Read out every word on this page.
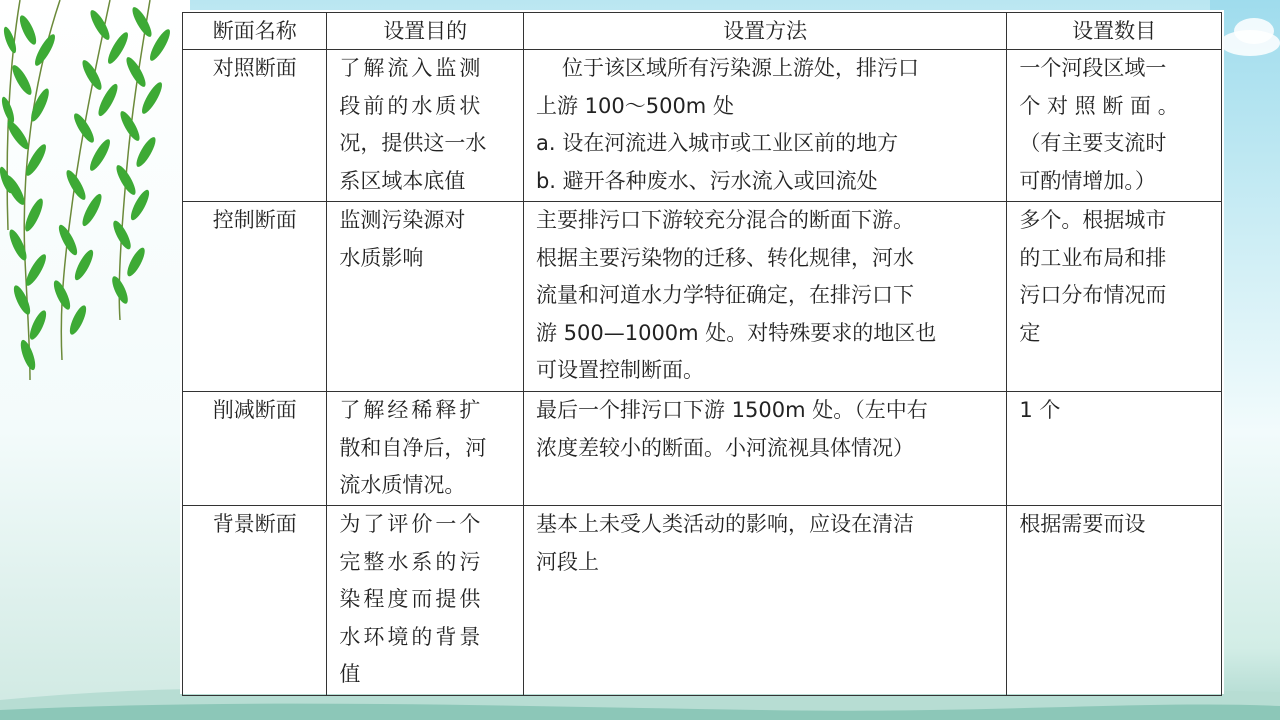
断面名称	设置目的	设置方法	设置数目

对照断面	了解流入监测
段前的水质状
况，提供这一水
系区域本底值	位于该区域所有污染源上游处，排污口
上游 100～500m 处
a. 设在河流进入城市或工业区前的地方
b. 避开各种废水、污水流入或回流处	一个河段区域一
个 对 照 断 面 。
（有主要支流时
可酌情增加。）

控制断面	监测污染源对
水质影响	主要排污口下游较充分混合的断面下游。
根据主要污染物的迁移、转化规律，河水
流量和河道水力学特征确定，在排污口下
游 500—1000m 处。对特殊要求的地区也
可设置控制断面。	多个。根据城市
的工业布局和排
污口分布情况而
定

削减断面	了解经稀释扩
散和自净后，河
流水质情况。	最后一个排污口下游 1500m 处。（左中右
浓度差较小的断面。小河流视具体情况）	1 个

背景断面	为了评价一个
完整水系的污
染程度而提供
水环境的背景
值	基本上未受人类活动的影响，应设在清洁
河段上	根据需要而设
